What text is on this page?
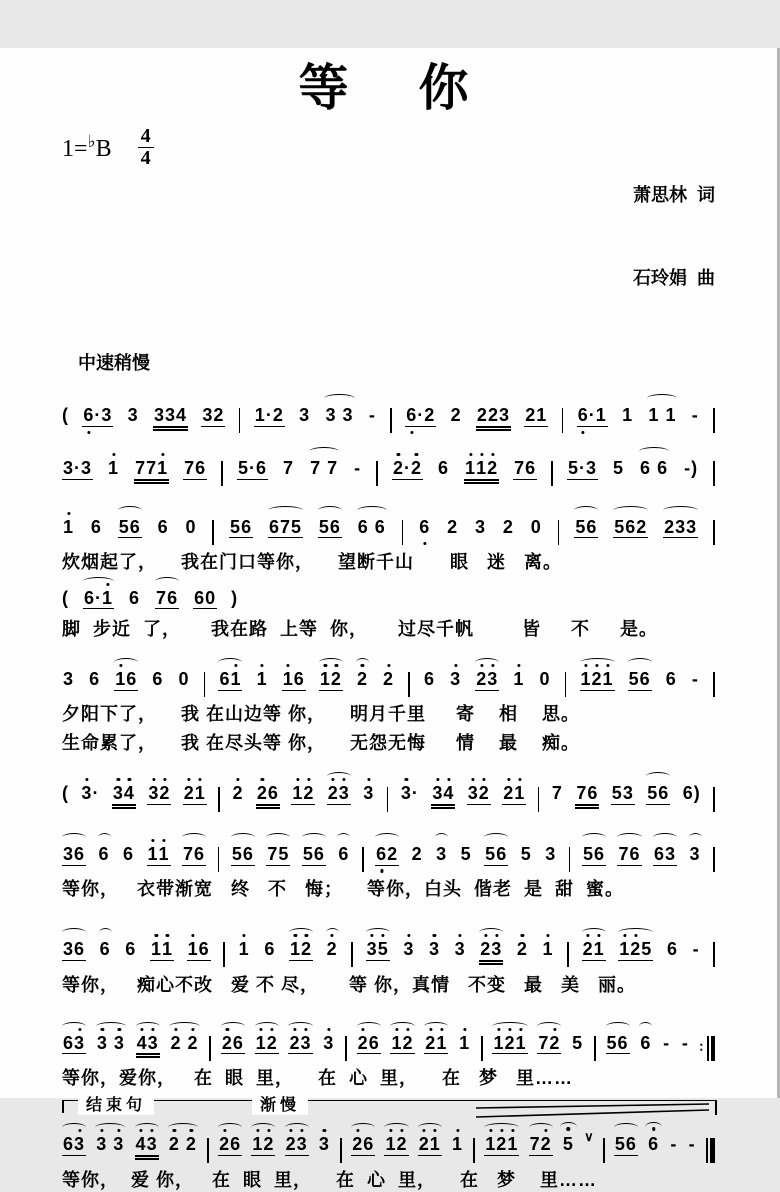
等　你
1=♭B 4
4

萧思林  词

石玲娟  曲

中速稍慢
( 6·3 3 334 32 1·2 3 3 3 - 6·2 2 223 21 6·1 1 1 1 -
3·3 1 771 76 5·6 7 7 7 - 2·2 6 112 76 5·3 5 6 6 -)
1 6 56 6 0 56 675 56 6 6 6 2 3 2 0 56 562 233
炊烟起了，    我在门口等你，    望断千山      眼   迷   离。
( 6·1 6 76 60 )
脚  步近  了，     我在路  上等  你，     过尽千帆        皆     不     是。
3 6 16 6 0 61 1 16 12 2 2 6 3 23 1 0 121 56 6 -
夕阳下了，    我 在山边等 你，    明月千里     寄    相    思。
生命累了，    我 在尽头等 你，    无怨无悔     情    最    痴。
( 3· 34 32 21 2 26 12 23 3 3· 34 32 21 7 76 53 56 6)
36 6 6 11 76 56 75 56 6 62 2 3 5 56 5 3 56 76 63 3
等你，   衣带渐宽   终   不   悔；    等你，白头  偕老  是  甜  蜜。
36 6 6 11 16 1 6 12 2 35 3 3 3 23 2 1 21 125 6 -
等你，   痴心不改   爱 不 尽，     等 你，真情   不变   最   美   丽。
63 3 3 43 2 2 26 12 23 3 26 12 21 1 121 72 5 56 6 - -
∶
等你，爱你，   在  眼  里，    在  心  里，    在   梦   里……
结束句	渐慢
63 3 3 43 2 2 26 12 23 3 26 12 21 1 121 72 5 ∨ 56 6 - -
等你，  爱 你，   在  眼  里，    在  心  里，    在   梦    里……
